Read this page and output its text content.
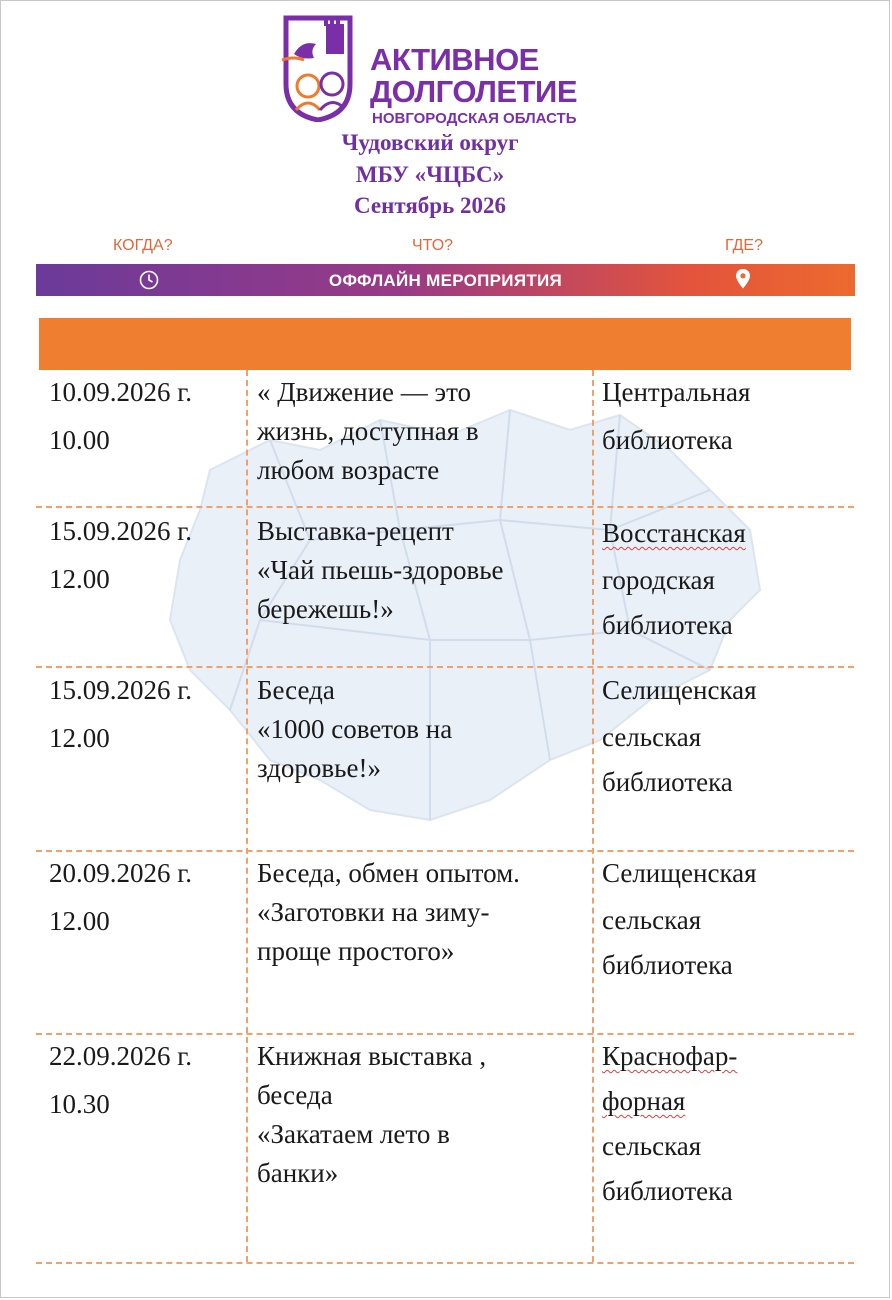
АКТИВНОЕ
ДОЛГОЛЕТИЕ
НОВГОРОДСКАЯ ОБЛАСТЬ
Чудовский округ
МБУ «ЧЦБС»
Сентябрь 2026
КОГДА?	ЧТО?	ГДЕ?
ОФФЛАЙН МЕРОПРИЯТИЯ
10.09.2026 г.
10.00
« Движение — это
жизнь, доступная в
любом возрасте
Центральная
библиотека
15.09.2026 г.
12.00
Выставка-рецепт
«Чай пьешь-здоровье
бережешь!»
Восстанская
городская
библиотека
15.09.2026 г.
12.00
Беседа
«1000 советов на
здоровье!»
Селищенская
сельская
библиотека
20.09.2026 г.
12.00
Беседа, обмен опытом.
«Заготовки на зиму-
проще простого»
Селищенская
сельская
библиотека
22.09.2026 г.
10.30
Книжная выставка ,
беседа
«Закатаем лето в
банки»
Краснофар-
форная
сельская
библиотека
